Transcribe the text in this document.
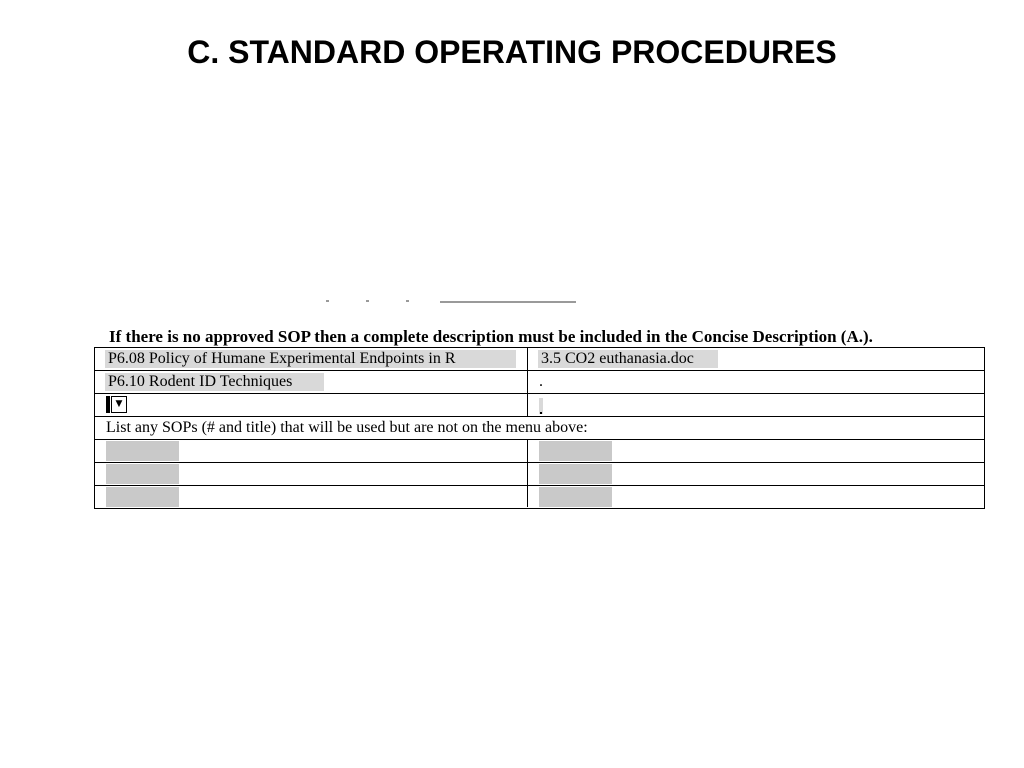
C. STANDARD OPERATING PROCEDURES
If there is no approved SOP then a complete description must be included in the Concise Description (A.).
P6.08 Policy of Humane Experimental Endpoints in R	3.5 CO2 euthanasia.doc
P6.10 Rodent ID Techniques	.
▼
List any SOPs (# and title) that will be used but are not on the menu above:
